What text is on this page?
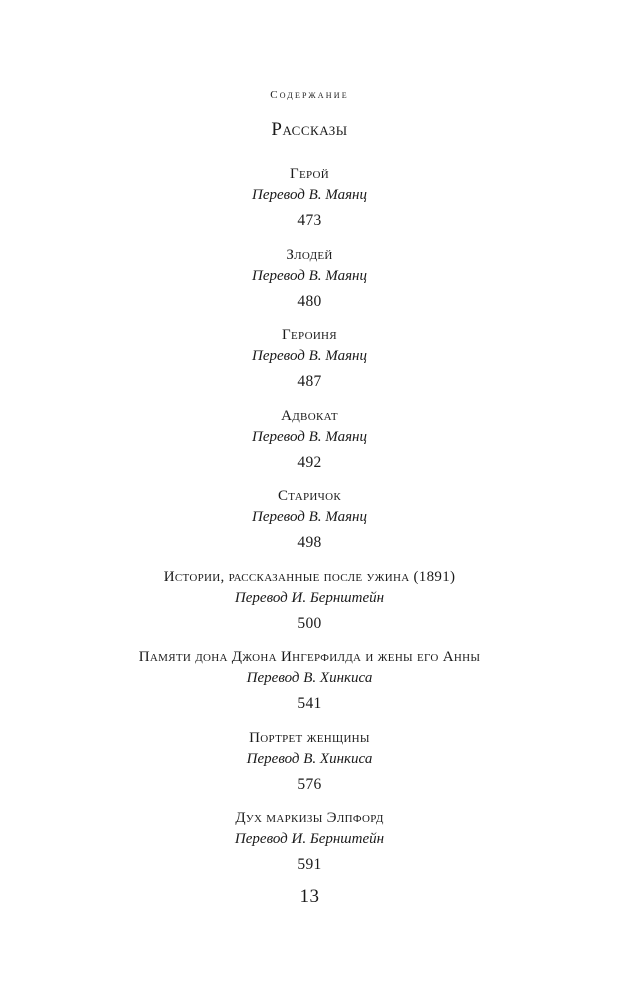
Содержание
Рассказы
Герой
Перевод В. Маянц
473
Злодей
Перевод В. Маянц
480
Героиня
Перевод В. Маянц
487
Адвокат
Перевод В. Маянц
492
Старичок
Перевод В. Маянц
498
Истории, рассказанные после ужина (1891)
Перевод И. Бернштейн
500
Памяти дона Джона Ингерфилда и жены его Анны
Перевод В. Хинкиса
541
Портрет женщины
Перевод В. Хинкиса
576
Дух маркизы Элпфорд
Перевод И. Бернштейн
591
13
